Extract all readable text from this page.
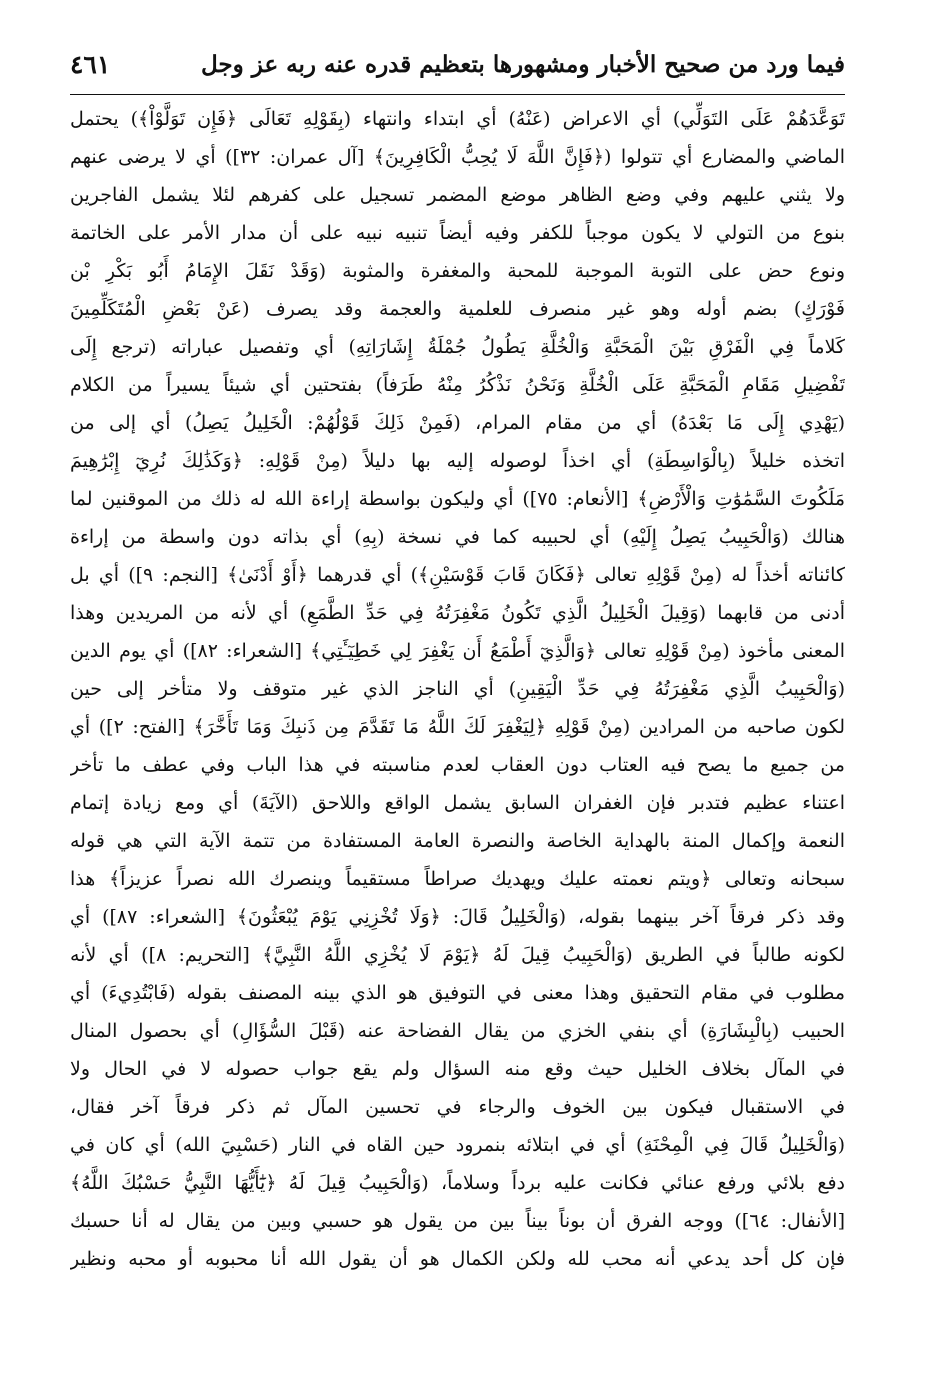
فيما ورد من صحيح الأخبار ومشهورها بتعظيم قدره عنه ربه عز وجل
٤٦١
تَوَعَّدَهُمْ عَلَى التَوَلِّي) أي الاعراض (عَنْهُ) أي ابتداء وانتهاء (بِقَوْلِهِ تَعَالَى ﴿فَإِن تَوَلَّوْاْ﴾) يحتمل
الماضي والمضارع أي تتولوا (﴿فَإِنَّ اللَّهَ لَا يُحِبُّ الْكَافِرِينَ﴾ [آل عمران: ٣٢]) أي لا يرضى عنهم
ولا يثني عليهم وفي وضع الظاهر موضع المضمر تسجيل على كفرهم لئلا يشمل الفاجرين
بنوع من التولي لا يكون موجباً للكفر وفيه أيضاً تنبيه نبيه على أن مدار الأمر على الخاتمة
ونوع حض على التوبة الموجبة للمحبة والمغفرة والمثوبة (وَقَدْ نَقَلَ الإِمَامُ أَبُو بَكْرِ بْن
فَوْرَكٍ) بضم أوله وهو غير منصرف للعلمية والعجمة وقد يصرف (عَنْ بَعْضِ الْمُتَكَلِّمِينَ
كَلاماً فِي الْفَرْقِ بَيْنَ الْمَحَبَّةِ وَالْخُلَّةِ يَطُولُ جُمْلَةُ إِشَارَاتِهِ) أي وتفصيل عباراته (ترجع إِلَى
تَفْضِيلِ مَقَامِ الْمَحَبَّةِ عَلَى الْخُلَّةِ وَنَحْنُ نَذْكُرُ مِنْهُ طَرَفاً) بفتحتين أي شيئاً يسيراً من الكلام
(يَهْدِي إِلَى مَا بَعْدَهُ) أي من مقام المرام، (فَمِنْ ذَلِكَ قَوْلُهُمْ: الْخَلِيلُ يَصِلُ) أي إلى من
اتخذه خليلاً (بِالْوَاسِطَةِ) أي اخذاً لوصوله إليه بها دليلاً (مِنْ قَوْلِهِ: ﴿وَكَذَٰلِكَ نُرِيٓ إِبْرَٰهِيمَ
مَلَكُوتَ السَّمَٰوَٰتِ وَالْأَرْضِ﴾ [الأنعام: ٧٥]) أي وليكون بواسطة إراءة الله له ذلك من الموقنين لما
هنالك (وَالْحَبِيبُ يَصِلُ إِلَيْهِ) أي لحبيبه كما في نسخة (بِهِ) أي بذاته دون واسطة من إراءة
كائناته أخذاً له (مِنْ قَوْلِهِ تعالى ﴿فَكَانَ قَابَ قَوْسَيْنِ﴾) أي قدرهما ﴿أَوْ أَدْنَىٰ﴾ [النجم: ٩]) أي بل
أدنى من قابهما (وَقِيلَ الْخَلِيلُ الَّذِي تَكُونُ مَغْفِرَتُهُ فِي حَدِّ الطَّمَعِ) أي لأنه من المريدين وهذا
المعنى مأخوذ (مِنْ قَوْلِهِ تعالى ﴿وَالَّذِيٓ أَطْمَعُ أَن يَغْفِرَ لِي خَطِيٓـَٔتِي﴾ [الشعراء: ٨٢]) أي يوم الدين
(وَالْحَبِيبُ الَّذِي مَغْفِرَتُهُ فِي حَدِّ الْيَقِينِ) أي الناجز الذي غير متوقف ولا متأخر إلى حين
لكون صاحبه من المرادين (مِنْ قَوْلِهِ ﴿لِيَغْفِرَ لَكَ اللَّهُ مَا تَقَدَّمَ مِن ذَنبِكَ وَمَا تَأَخَّرَ﴾ [الفتح: ٢]) أي
من جميع ما يصح فيه العتاب دون العقاب لعدم مناسبته في هذا الباب وفي عطف ما تأخر
اعتناء عظيم فتدبر فإن الغفران السابق يشمل الواقع واللاحق (الآيَةَ) أي ومع زيادة إتمام
النعمة وإكمال المنة بالهداية الخاصة والنصرة العامة المستفادة من تتمة الآية التي هي قوله
سبحانه وتعالى ﴿ويتم نعمته عليك ويهديك صراطاً مستقيماً وينصرك الله نصراً عزيزاً﴾ هذا
وقد ذكر فرقاً آخر بينهما بقوله، (وَالْخَلِيلُ قَالَ: ﴿وَلَا تُخْزِنِي يَوْمَ يُبْعَثُونَ﴾ [الشعراء: ٨٧]) أي
لكونه طالباً في الطريق (وَالْحَبِيبُ قِيلَ لَهُ ﴿يَوْمَ لَا يُخْزِي اللَّهُ النَّبِيَّ﴾ [التحريم: ٨]) أي لأنه
مطلوب في مقام التحقيق وهذا معنى في التوفيق هو الذي بينه المصنف بقوله (فَابْتُدِيءَ) أي
الحبيب (بِالْبِشَارَةِ) أي بنفي الخزي من يقال الفضاحة عنه (قَبْلَ السُّؤَالِ) أي بحصول المنال
في المآل بخلاف الخليل حيث وقع منه السؤال ولم يقع جواب حصوله لا في الحال ولا
في الاستقبال فيكون بين الخوف والرجاء في تحسين المآل ثم ذكر فرقاً آخر فقال،
(وَالْخَلِيلُ قَالَ فِي الْمِحْنَةِ) أي في ابتلائه بنمرود حين القاه في النار (حَسْبِيَ الله) أي كان في
دفع بلائي ورفع عنائي فكانت عليه برداً وسلاماً، (وَالْحَبِيبُ قِيلَ لَهُ ﴿يَٰٓأَيُّهَا النَّبِيُّ حَسْبُكَ اللَّهُ﴾
[الأنفال: ٦٤]) ووجه الفرق أن بوناً بيناً بين من يقول هو حسبي وبين من يقال له أنا حسبك
فإن كل أحد يدعي أنه محب لله ولكن الكمال هو أن يقول الله أنا محبوبه أو محبه ونظير
